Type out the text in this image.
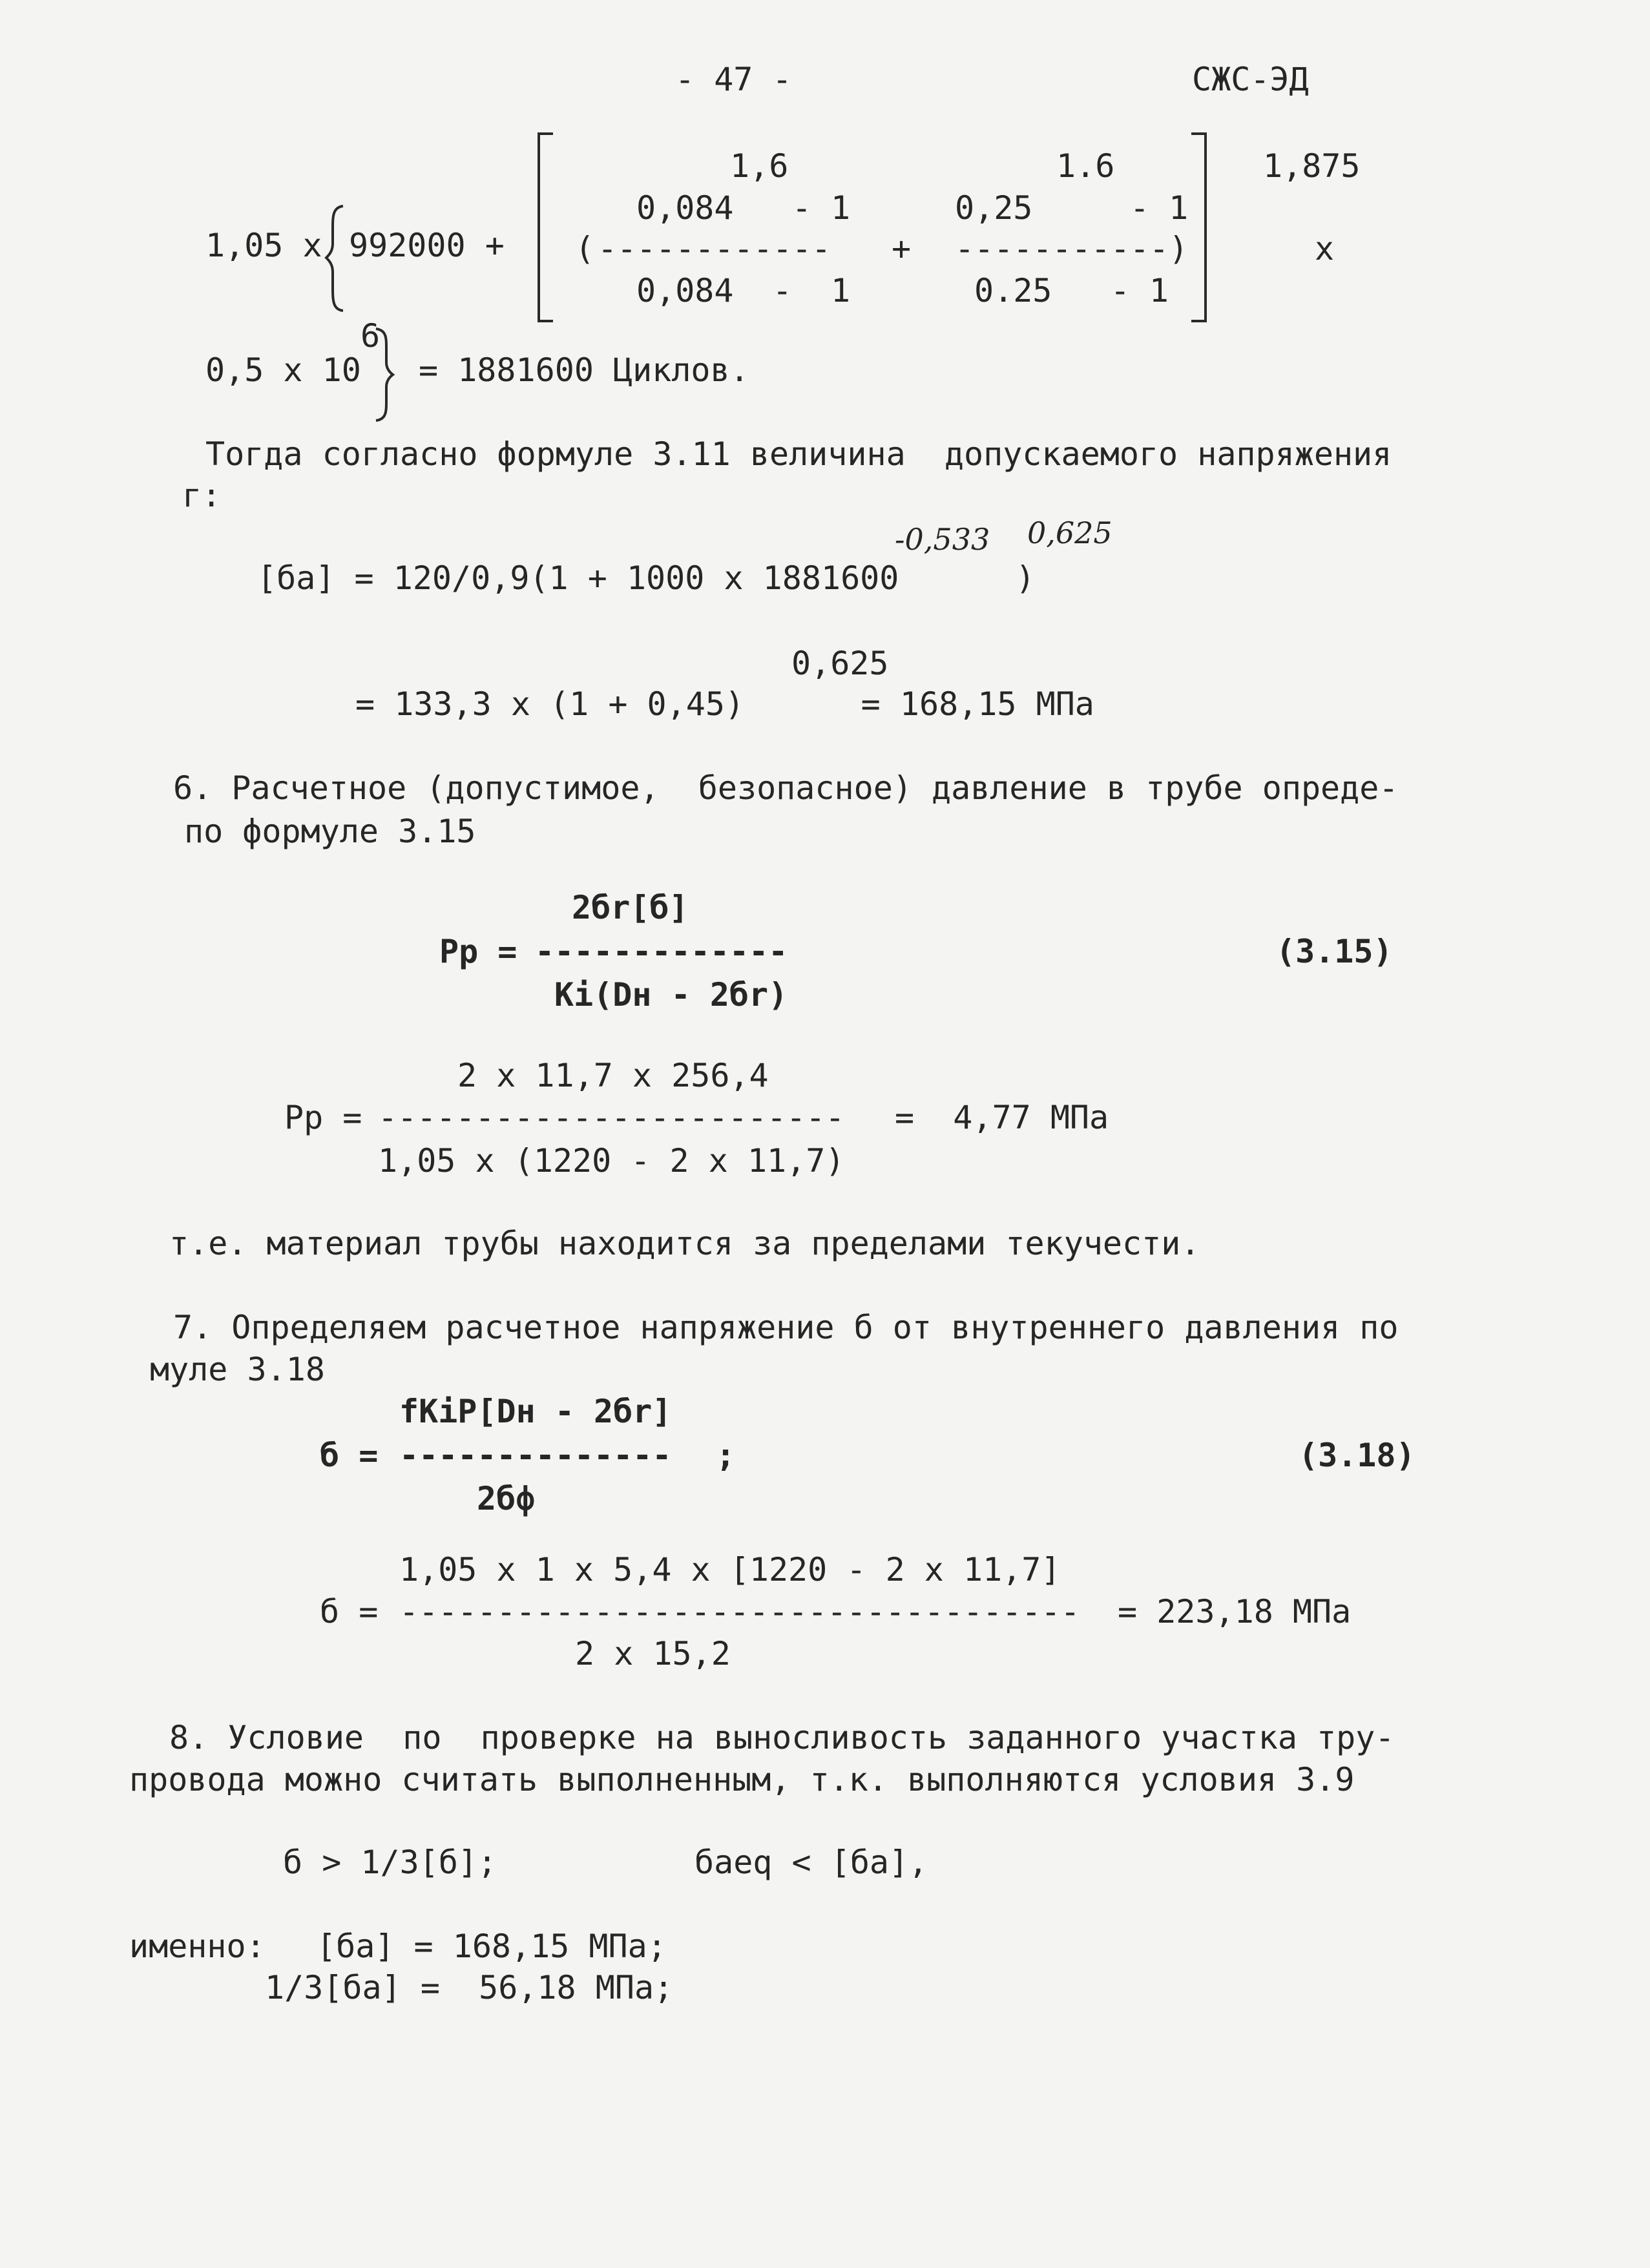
- 47 -	СЖС-ЭД
1,05 x 992000 +
1,6
0,084   - 1
( ------------ +
0,084  -  1
1.6
0,25     - 1
-----------)
0.25   - 1
1,875
x
6
0,5 x 10 = 1881600 Циклов.
Тогда согласно формуле 3.11 величина  допускаемого напряжения
г:
-0,533 0,625
[ба] = 120/0,9(1 + 1000 х 1881600      )
0,625
= 133,3 х (1 + 0,45)      = 168,15 МПа
6. Расчетное (допустимое,  безопасное) давление в трубе опреде-
по формуле 3.15
2бr[б]
Pp = -------------	(3.15)
Ki(Dн - 2бr)
2 х 11,7 х 256,4
Pp = ------------------------ =  4,77 МПа
1,05 х (1220 - 2 х 11,7)
т.е. материал трубы находится за пределами текучести.
7. Определяем расчетное напряжение б от внутреннего давления по
муле 3.18
fKiP[Dн - 2бr]
б = -------------- ;	(3.18)
2бф
1,05 х 1 х 5,4 х [1220 - 2 х 11,7]
б = ----------------------------------- = 223,18 МПа
2 х 15,2
8. Условие  по  проверке на выносливость заданного участка тру-
провода можно считать выполненным, т.к. выполняются условия 3.9
б > 1/3[б];	баeq < [ба],
именно: [ба] = 168,15 МПа;
1/3[ба] =  56,18 МПа;
